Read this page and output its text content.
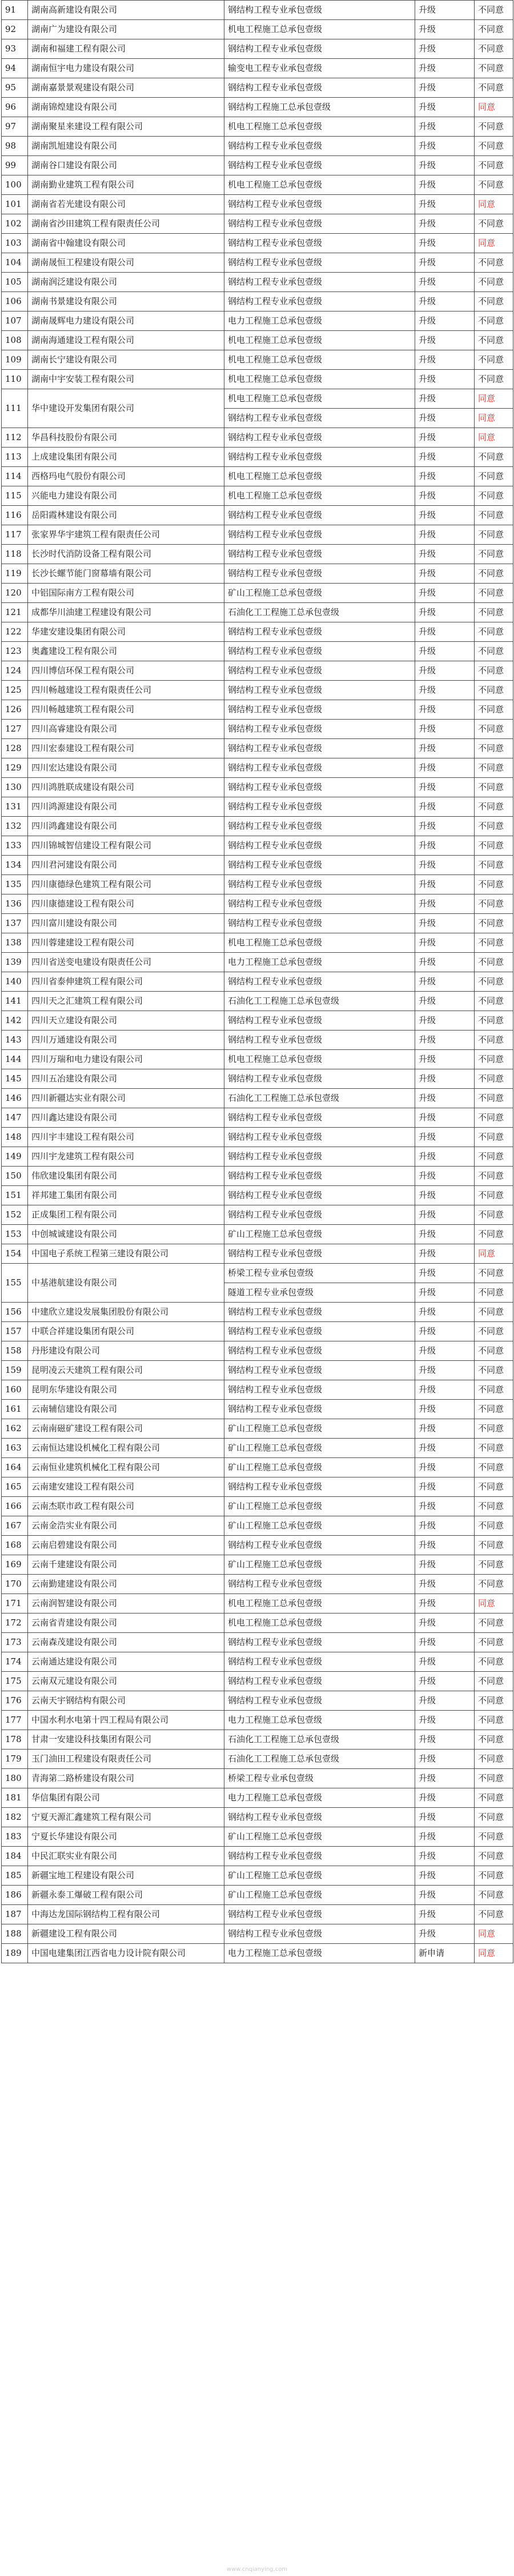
91	湖南高新建设有限公司	钢结构工程专业承包壹级	升级	不同意
92	湖南广为建设有限公司	机电工程施工总承包壹级	升级	不同意
93	湖南和福建工程有限公司	钢结构工程专业承包壹级	升级	不同意
94	湖南恒宇电力建设有限公司	输变电工程专业承包壹级	升级	不同意
95	湖南嘉景景观建设有限公司	钢结构工程专业承包壹级	升级	不同意
96	湖南锦煌建设有限公司	钢结构工程施工总承包壹级	升级	同意
97	湖南聚星来建设工程有限公司	机电工程施工总承包壹级	升级	不同意
98	湖南凯旭建设有限公司	钢结构工程专业承包壹级	升级	不同意
99	湖南谷口建设有限公司	钢结构工程专业承包壹级	升级	不同意
100	湖南勤业建筑工程有限公司	机电工程施工总承包壹级	升级	不同意
101	湖南省若光建设有限公司	钢结构工程专业承包壹级	升级	同意
102	湖南省沙田建筑工程有限责任公司	钢结构工程专业承包壹级	升级	不同意
103	湖南省中翰建设有限公司	钢结构工程专业承包壹级	升级	同意
104	湖南晟恒工程建设有限公司	钢结构工程专业承包壹级	升级	不同意
105	湖南润泛建设有限公司	钢结构工程专业承包壹级	升级	不同意
106	湖南书景建设有限公司	钢结构工程专业承包壹级	升级	不同意
107	湖南晟辉电力建设有限公司	电力工程施工总承包壹级	升级	不同意
108	湖南海通建设工程有限公司	机电工程施工总承包壹级	升级	不同意
109	湖南长宁建设有限公司	机电工程施工总承包壹级	升级	不同意
110	湖南中宇安装工程有限公司	机电工程施工总承包壹级	升级	不同意
111	华中建设开发集团有限公司	机电工程施工总承包壹级	升级	同意
		钢结构工程专业承包壹级	升级	同意
112	华昌科技股份有限公司	钢结构工程专业承包壹级	升级	同意
113	上成建设集团有限公司	钢结构工程专业承包壹级	升级	不同意
114	西格玛电气股份有限公司	机电工程施工总承包壹级	升级	不同意
115	兴能电力建设有限公司	机电工程施工总承包壹级	升级	不同意
116	岳阳霞林建设有限公司	钢结构工程专业承包壹级	升级	不同意
117	张家界华宇建筑工程有限责任公司	钢结构工程专业承包壹级	升级	不同意
118	长沙时代消防设备工程有限公司	钢结构工程专业承包壹级	升级	不同意
119	长沙长螺节能门窗幕墙有限公司	钢结构工程专业承包壹级	升级	不同意
120	中铝国际南方工程有限公司	矿山工程施工总承包壹级	升级	不同意
121	成都华川油建工程建设有限公司	石油化工工程施工总承包壹级	升级	不同意
122	华建安建设集团有限公司	钢结构工程专业承包壹级	升级	不同意
123	奥鑫建设工程有限公司	钢结构工程专业承包壹级	升级	不同意
124	四川博信环保工程有限公司	钢结构工程专业承包壹级	升级	不同意
125	四川畅越建设工程有限责任公司	钢结构工程专业承包壹级	升级	不同意
126	四川畅越建筑工程有限公司	钢结构工程专业承包壹级	升级	不同意
127	四川高睿建设有限公司	钢结构工程专业承包壹级	升级	不同意
128	四川宏泰建设工程有限公司	钢结构工程专业承包壹级	升级	不同意
129	四川宏达建设有限公司	钢结构工程专业承包壹级	升级	不同意
130	四川鸿胜联成建设有限公司	钢结构工程专业承包壹级	升级	不同意
131	四川鸿源建设有限公司	钢结构工程专业承包壹级	升级	不同意
132	四川鸿鑫建设有限公司	钢结构工程专业承包壹级	升级	不同意
133	四川锦城智信建设工程有限公司	钢结构工程专业承包壹级	升级	不同意
134	四川君河建设有限公司	钢结构工程专业承包壹级	升级	不同意
135	四川康德绿色建筑工程有限公司	钢结构工程专业承包壹级	升级	不同意
136	四川康德建设工程有限公司	钢结构工程专业承包壹级	升级	不同意
137	四川富川建设有限公司	钢结构工程专业承包壹级	升级	不同意
138	四川蓉建建设工程有限公司	机电工程施工总承包壹级	升级	不同意
139	四川省送变电建设有限责任公司	电力工程施工总承包壹级	升级	不同意
140	四川省泰伸建筑工程有限公司	钢结构工程专业承包壹级	升级	不同意
141	四川天之汇建筑工程有限公司	石油化工工程施工总承包壹级	升级	不同意
142	四川天立建设有限公司	钢结构工程专业承包壹级	升级	不同意
143	四川万通建设有限公司	钢结构工程专业承包壹级	升级	不同意
144	四川万瑞和电力建设有限公司	机电工程施工总承包壹级	升级	不同意
145	四川五冶建设有限公司	钢结构工程专业承包壹级	升级	不同意
146	四川新疆达实业有限公司	石油化工工程施工总承包壹级	升级	不同意
147	四川鑫达建设有限公司	钢结构工程专业承包壹级	升级	不同意
148	四川宇丰建设工程有限公司	钢结构工程专业承包壹级	升级	不同意
149	四川宇龙建筑工程有限公司	钢结构工程专业承包壹级	升级	不同意
150	伟欣建设集团有限公司	钢结构工程专业承包壹级	升级	不同意
151	祥邦建工集团有限公司	钢结构工程专业承包壹级	升级	不同意
152	正成集团工程有限公司	钢结构工程专业承包壹级	升级	不同意
153	中创城诚建设有限公司	矿山工程施工总承包壹级	升级	不同意
154	中国电子系统工程第三建设有限公司	钢结构工程专业承包壹级	升级	同意
155	中基港航建设有限公司	桥梁工程专业承包壹级	升级	不同意
		隧道工程专业承包壹级	升级	不同意
156	中建欣立建设发展集团股份有限公司	钢结构工程专业承包壹级	升级	不同意
157	中联合祥建设集团有限公司	钢结构工程专业承包壹级	升级	不同意
158	丹彤建设有限公司	钢结构工程专业承包壹级	升级	不同意
159	昆明凌云天建筑工程有限公司	钢结构工程专业承包壹级	升级	不同意
160	昆明东华建设有限公司	钢结构工程专业承包壹级	升级	不同意
161	云南辅信建设有限公司	钢结构工程专业承包壹级	升级	不同意
162	云南南磁矿建设工程有限公司	矿山工程施工总承包壹级	升级	不同意
163	云南恒达建设机械化工程有限公司	矿山工程施工总承包壹级	升级	不同意
164	云南恒业建筑机械化工程有限公司	矿山工程施工总承包壹级	升级	不同意
165	云南建安建设工程有限公司	钢结构工程专业承包壹级	升级	不同意
166	云南杰联市政工程有限公司	矿山工程施工总承包壹级	升级	不同意
167	云南金浩实业有限公司	矿山工程施工总承包壹级	升级	不同意
168	云南启碧建设有限公司	钢结构工程专业承包壹级	升级	不同意
169	云南千建建设有限公司	矿山工程施工总承包壹级	升级	不同意
170	云南勤建建设有限公司	钢结构工程专业承包壹级	升级	不同意
171	云南润智建设有限公司	机电工程施工总承包壹级	升级	同意
172	云南省青建设有限公司	机电工程施工总承包壹级	升级	不同意
173	云南森茂建设有限公司	钢结构工程专业承包壹级	升级	不同意
174	云南通达建设有限公司	钢结构工程专业承包壹级	升级	不同意
175	云南双元建设有限公司	钢结构工程专业承包壹级	升级	不同意
176	云南天宇钢结构有限公司	钢结构工程专业承包壹级	升级	不同意
177	中国水利水电第十四工程局有限公司	电力工程施工总承包壹级	升级	不同意
178	甘肃一安建设科技集团有限公司	石油化工工程施工总承包壹级	升级	不同意
179	玉门油田工程建设有限责任公司	石油化工工程施工总承包壹级	升级	不同意
180	青海第二路桥建设有限公司	桥梁工程专业承包壹级	升级	不同意
181	华信集团有限公司	电力工程施工总承包壹级	升级	不同意
182	宁夏天源汇鑫建筑工程有限公司	钢结构工程专业承包壹级	升级	不同意
183	宁夏长华建设有限公司	矿山工程施工总承包壹级	升级	不同意
184	中民汇联实业有限公司	钢结构工程专业承包壹级	升级	不同意
185	新疆宝地工程建设有限公司	矿山工程施工总承包壹级	升级	不同意
186	新疆永泰工爆破工程有限公司	矿山工程施工总承包壹级	升级	不同意
187	中海达龙国际钢结构工程有限公司	钢结构工程专业承包壹级	升级	不同意
188	新疆建设工程有限公司	钢结构工程专业承包壹级	升级	同意
189	中国电建集团江西省电力设计院有限公司	电力工程施工总承包壹级	新申请	同意
www.cnqianying.com
